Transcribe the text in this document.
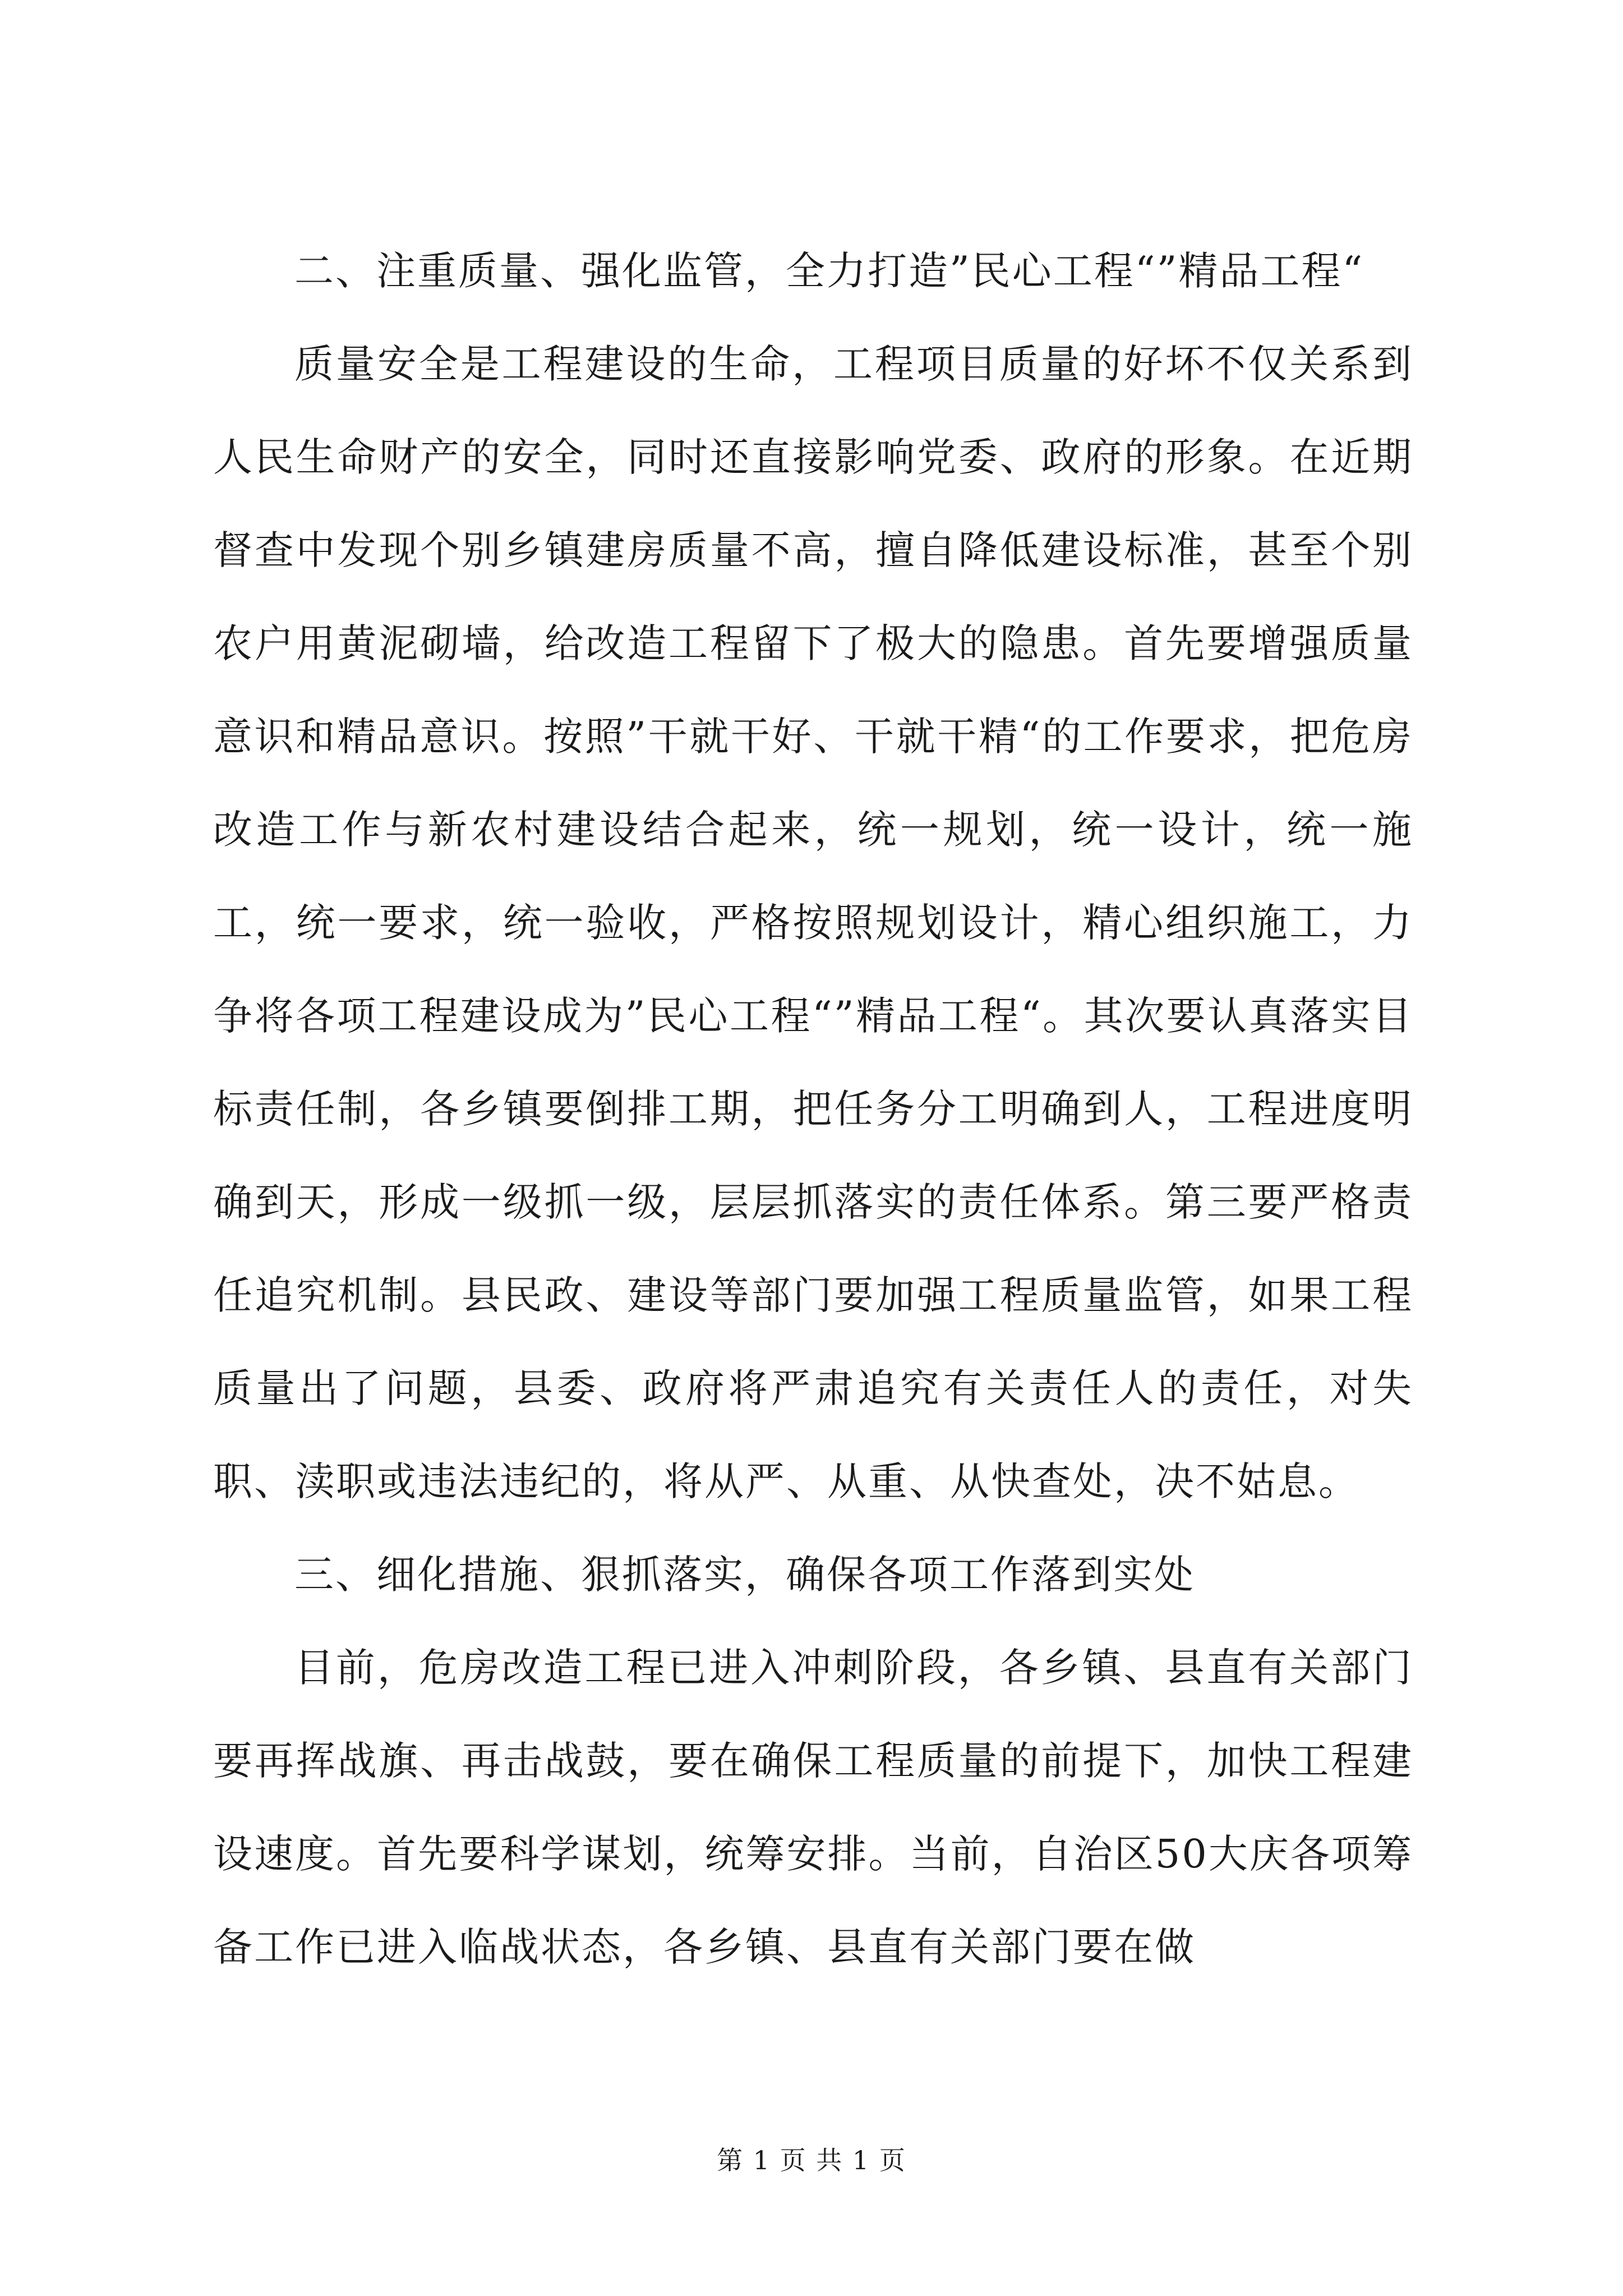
二、注重质量、强化监管，全力打造”民心工程“”精品工程“

质量安全是工程建设的生命，工程项目质量的好坏不仅关系到人民生命财产的安全，同时还直接影响党委、政府的形象。在近期督查中发现个别乡镇建房质量不高，擅自降低建设标准，甚至个别农户用黄泥砌墙，给改造工程留下了极大的隐患。首先要增强质量意识和精品意识。按照”干就干好、干就干精“的工作要求，把危房改造工作与新农村建设结合起来，统一规划，统一设计，统一施工，统一要求，统一验收，严格按照规划设计，精心组织施工，力争将各项工程建设成为”民心工程“”精品工程“。其次要认真落实目标责任制，各乡镇要倒排工期，把任务分工明确到人，工程进度明确到天，形成一级抓一级，层层抓落实的责任体系。第三要严格责任追究机制。县民政、建设等部门要加强工程质量监管，如果工程质量出了问题，县委、政府将严肃追究有关责任人的责任，对失职、渎职或违法违纪的，将从严、从重、从快查处，决不姑息。

三、细化措施、狠抓落实，确保各项工作落到实处

目前，危房改造工程已进入冲刺阶段，各乡镇、县直有关部门要再挥战旗、再击战鼓，要在确保工程质量的前提下，加快工程建设速度。首先要科学谋划，统筹安排。当前，自治区50大庆各项筹备工作已进入临战状态，各乡镇、县直有关部门要在做

第 1 页 共 1 页
